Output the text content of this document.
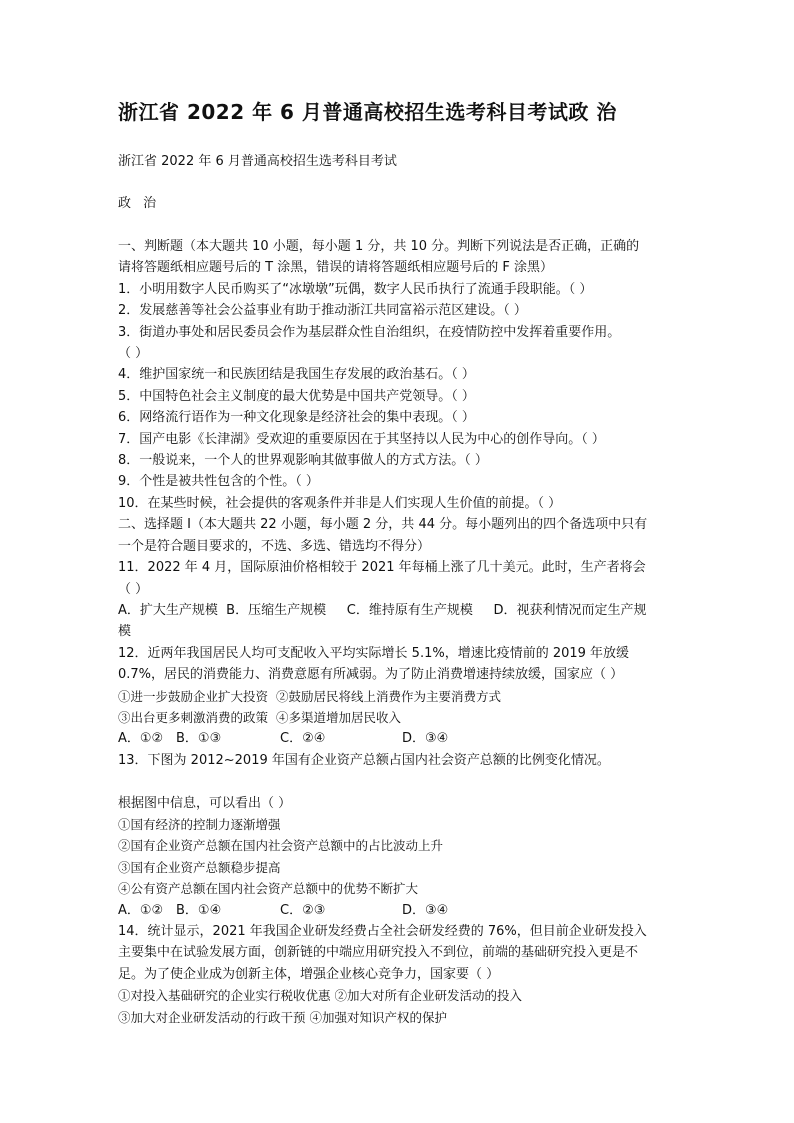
浙江省 2022 年 6 月普通高校招生选考科目考试政 治
浙江省 2022 年 6 月普通高校招生选考科目考试
政 治
一、判断题（本大题共 10 小题，每小题 1 分，共 10 分。判断下列说法是否正确，正确的
请将答题纸相应题号后的 T 涂黑，错误的请将答题纸相应题号后的 F 涂黑）
1．小明用数字人民币购买了“冰墩墩”玩偶，数字人民币执行了流通手段职能。（ ）
2．发展慈善等社会公益事业有助于推动浙江共同富裕示范区建设。（ ）
3．街道办事处和居民委员会作为基层群众性自治组织，在疫情防控中发挥着重要作用。
（ ）
4．维护国家统一和民族团结是我国生存发展的政治基石。（ ）
5．中国特色社会主义制度的最大优势是中国共产党领导。（ ）
6．网络流行语作为一种文化现象是经济社会的集中表现。（ ）
7．国产电影《长津湖》受欢迎的重要原因在于其坚持以人民为中心的创作导向。（ ）
8．一般说来，一个人的世界观影响其做事做人的方式方法。（ ）
9．个性是被共性包含的个性。（ ）
10．在某些时候，社会提供的客观条件并非是人们实现人生价值的前提。（ ）
二、选择题 I（本大题共 22 小题，每小题 2 分，共 44 分。每小题列出的四个备选项中只有
一个是符合题目要求的，不选、多选、错选均不得分）
11．2022 年 4 月，国际原油价格相较于 2021 年每桶上涨了几十美元。此时，生产者将会
（ ）
A．扩大生产规模  B．压缩生产规模     C．维持原有生产规模     D．视获利情况而定生产规
模
12．近两年我国居民人均可支配收入平均实际增长 5.1%，增速比疫情前的 2019 年放缓
0.7%，居民的消费能力、消费意愿有所减弱。为了防止消费增速持续放缓，国家应（ ）
①进一步鼓励企业扩大投资  ②鼓励居民将线上消费作为主要消费方式
③出台更多刺激消费的政策  ④多渠道增加居民收入
A．①② B．①③	C．②④	D．③④
13．下图为 2012~2019 年国有企业资产总额占国内社会资产总额的比例变化情况。
根据图中信息，可以看出（ ）
①国有经济的控制力逐渐增强
②国有企业资产总额在国内社会资产总额中的占比波动上升
③国有企业资产总额稳步提高
④公有资产总额在国内社会资产总额中的优势不断扩大
A．①② B．①④	C．②③	D．③④
14．统计显示，2021 年我国企业研发经费占全社会研发经费的 76%，但目前企业研发投入
主要集中在试验发展方面，创新链的中端应用研究投入不到位，前端的基础研究投入更是不
足。为了使企业成为创新主体，增强企业核心竞争力，国家要（ ）
①对投入基础研究的企业实行税收优惠 ②加大对所有企业研发活动的投入
③加大对企业研发活动的行政干预 ④加强对知识产权的保护
